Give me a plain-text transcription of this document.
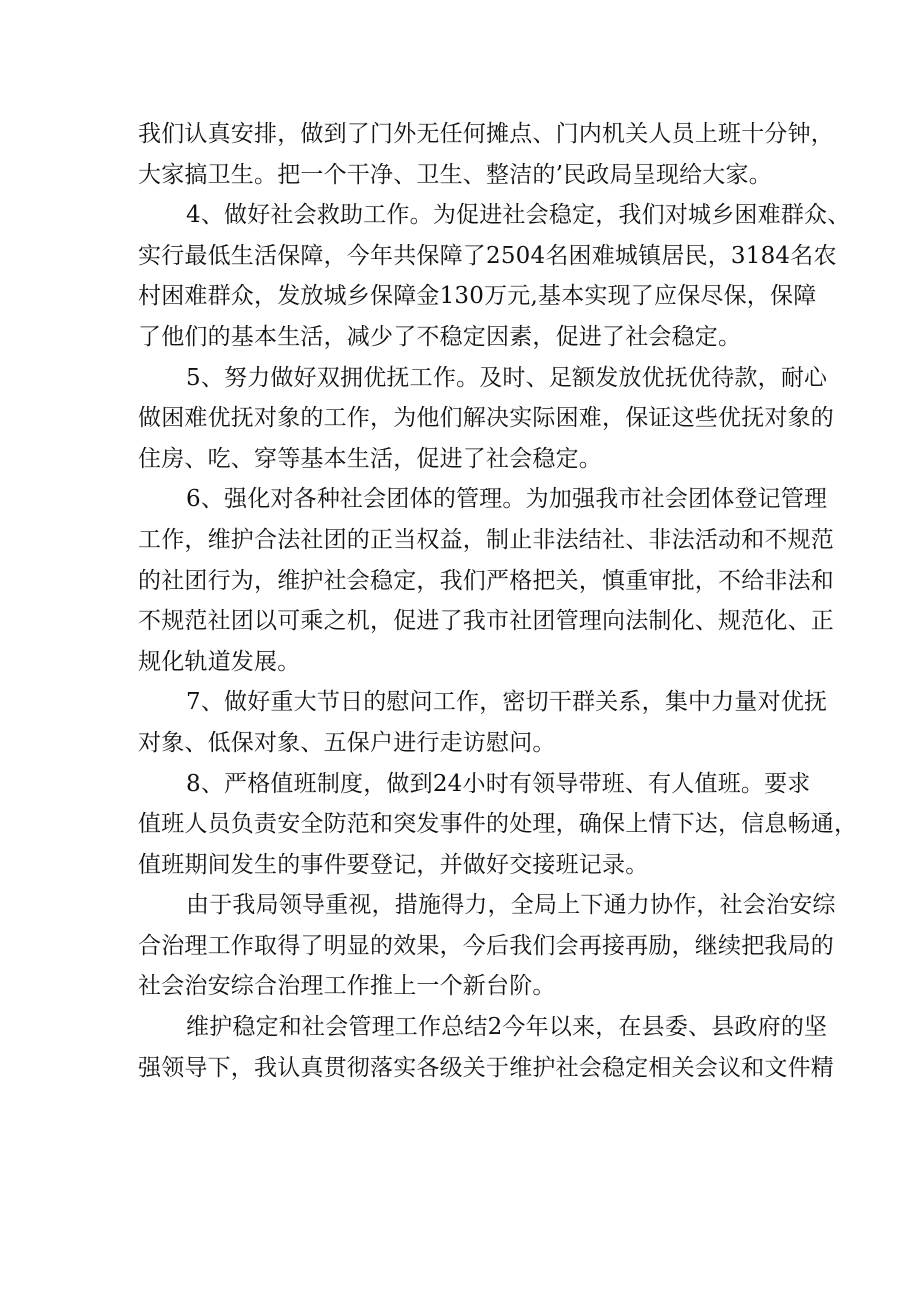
我们认真安排，做到了门外无任何摊点、门内机关人员上班十分钟，
大家搞卫生。把一个干净、卫生、整洁的’民政局呈现给大家。

4、做好社会救助工作。为促进社会稳定，我们对城乡困难群众、
实行最低生活保障，今年共保障了2504名困难城镇居民，3184名农
村困难群众，发放城乡保障金130万元,基本实现了应保尽保，保障
了他们的基本生活，减少了不稳定因素，促进了社会稳定。

5、努力做好双拥优抚工作。及时、足额发放优抚优待款，耐心
做困难优抚对象的工作，为他们解决实际困难，保证这些优抚对象的
住房、吃、穿等基本生活，促进了社会稳定。

6、强化对各种社会团体的管理。为加强我市社会团体登记管理
工作，维护合法社团的正当权益，制止非法结社、非法活动和不规范
的社团行为，维护社会稳定，我们严格把关，慎重审批，不给非法和
不规范社团以可乘之机，促进了我市社团管理向法制化、规范化、正
规化轨道发展。

7、做好重大节日的慰问工作，密切干群关系，集中力量对优抚
对象、低保对象、五保户进行走访慰问。

8、严格值班制度，做到24小时有领导带班、有人值班。要求
值班人员负责安全防范和突发事件的处理，确保上情下达，信息畅通，
值班期间发生的事件要登记，并做好交接班记录。

由于我局领导重视，措施得力，全局上下通力协作，社会治安综
合治理工作取得了明显的效果，今后我们会再接再励，继续把我局的
社会治安综合治理工作推上一个新台阶。

维护稳定和社会管理工作总结2今年以来，在县委、县政府的坚
强领导下，我认真贯彻落实各级关于维护社会稳定相关会议和文件精
